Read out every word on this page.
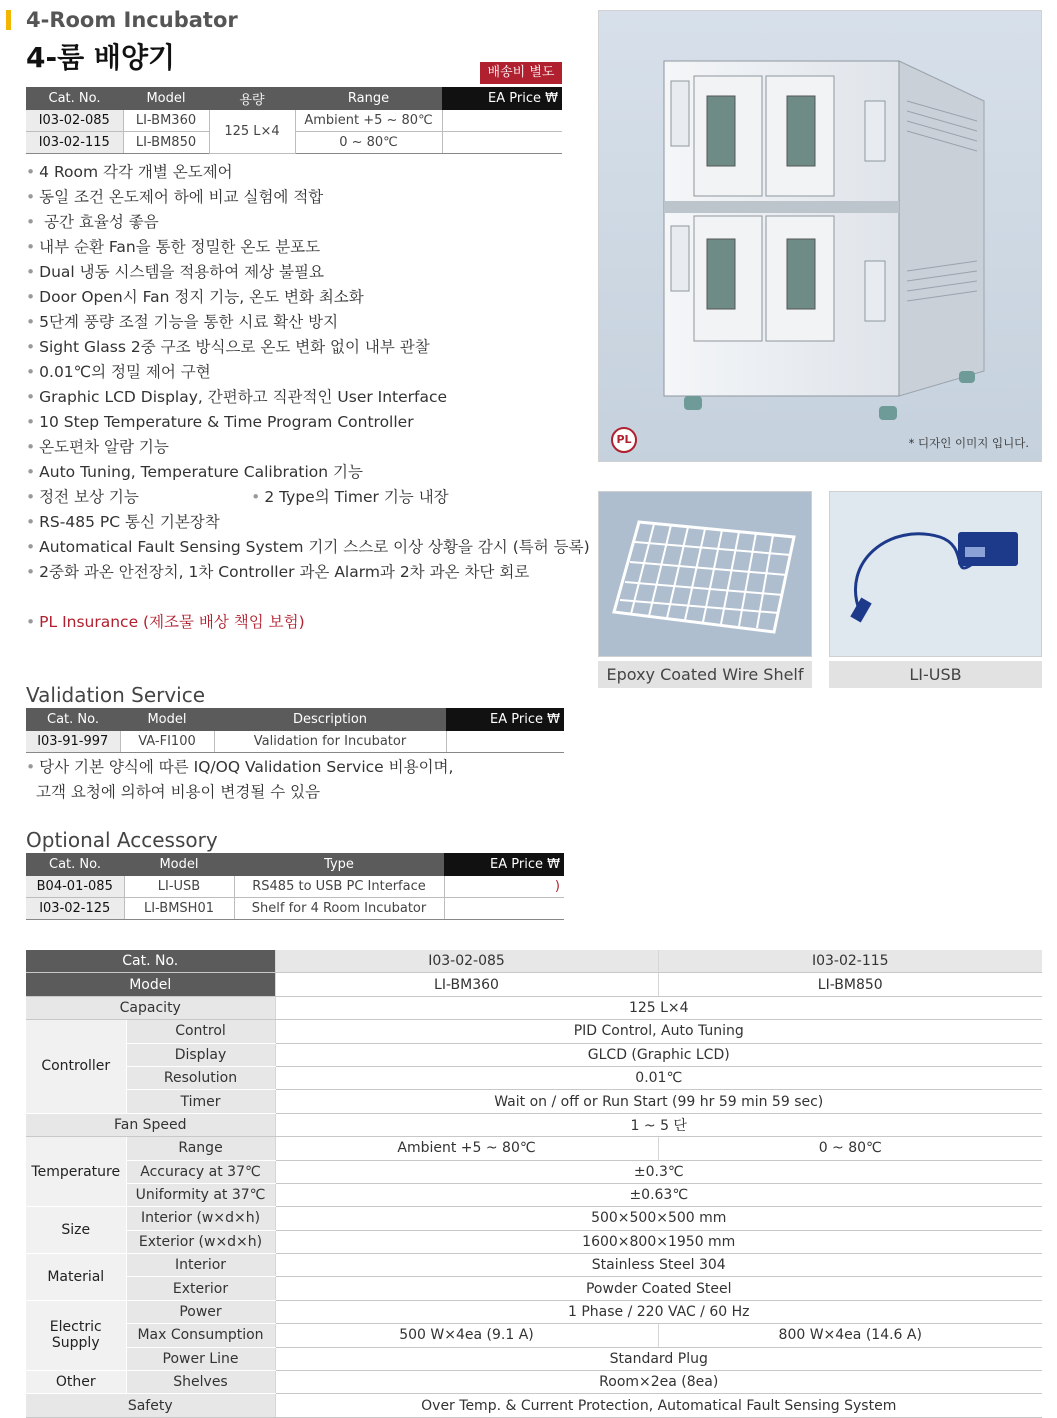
4-Room Incubator
4-룸 배양기	배송비 별도
Cat. No.	Model	용량	Range	EA Price ₩
I03-02-085	LI-BM360	125 L×4	Ambient +5 ~ 80℃	
I03-02-115	LI-BM850		0 ~ 80℃	
• 4 Room 각각 개별 온도제어
• 동일 조건 온도제어 하에 비교 실험에 적합
• 공간 효율성 좋음
• 내부 순환 Fan을 통한 정밀한 온도 분포도
• Dual 냉동 시스템을 적용하여 제상 불필요
• Door Open시 Fan 정지 기능, 온도 변화 최소화
• 5단계 풍량 조절 기능을 통한 시료 확산 방지
• Sight Glass 2중 구조 방식으로 온도 변화 없이 내부 관찰
• 0.01℃의 정밀 제어 구현
• Graphic LCD Display, 간편하고 직관적인 User Interface
• 10 Step Temperature & Time Program Controller
• 온도편차 알람 기능
• Auto Tuning, Temperature Calibration 기능
• 정전 보상 기능	• 2 Type의 Timer 기능 내장
• RS-485 PC 통신 기본장착
• Automatical Fault Sensing System 기기 스스로 이상 상황을 감시 (특허 등록)
• 2중화 과온 안전장치, 1차 Controller 과온 Alarm과 2차 과온 차단 회로
• PL Insurance (제조물 배상 책임 보험)
Validation Service
Cat. No.	Model	Description	EA Price ₩
I03-91-997	VA-FI100	Validation for Incubator	
• 당사 기본 양식에 따른 IQ/OQ Validation Service 비용이며,
고객 요청에 의하여 비용이 변경될 수 있음
Optional Accessory
Cat. No.	Model	Type	EA Price ₩
B04-01-085	LI-USB	RS485 to USB PC Interface	)
I03-02-125	LI-BMSH01	Shelf for 4 Room Incubator	
PL	* 디자인 이미지 입니다.
Epoxy Coated Wire Shelf	LI-USB
Cat. No.		I03-02-085	I03-02-115
Model		LI-BM360	LI-BM850
Capacity		125 L×4	
Controller	Control	PID Control, Auto Tuning	
	Display	GLCD (Graphic LCD)	
	Resolution	0.01℃	
	Timer	Wait on / off or Run Start (99 hr 59 min 59 sec)	
Fan Speed		1 ~ 5 단	
Temperature	Range	Ambient +5 ~ 80℃	0 ~ 80℃
	Accuracy at 37℃	±0.3℃	
	Uniformity at 37℃	±0.63℃	
Size	Interior (w×d×h)	500×500×500 mm	
	Exterior (w×d×h)	1600×800×1950 mm	
Material	Interior	Stainless Steel 304	
	Exterior	Powder Coated Steel	
Electric Supply	Power	1 Phase / 220 VAC / 60 Hz	
	Max Consumption	500 W×4ea (9.1 A)	800 W×4ea (14.6 A)
	Power Line	Standard Plug	
Other	Shelves	Room×2ea (8ea)	
Safety		Over Temp. & Current Protection, Automatical Fault Sensing System	
